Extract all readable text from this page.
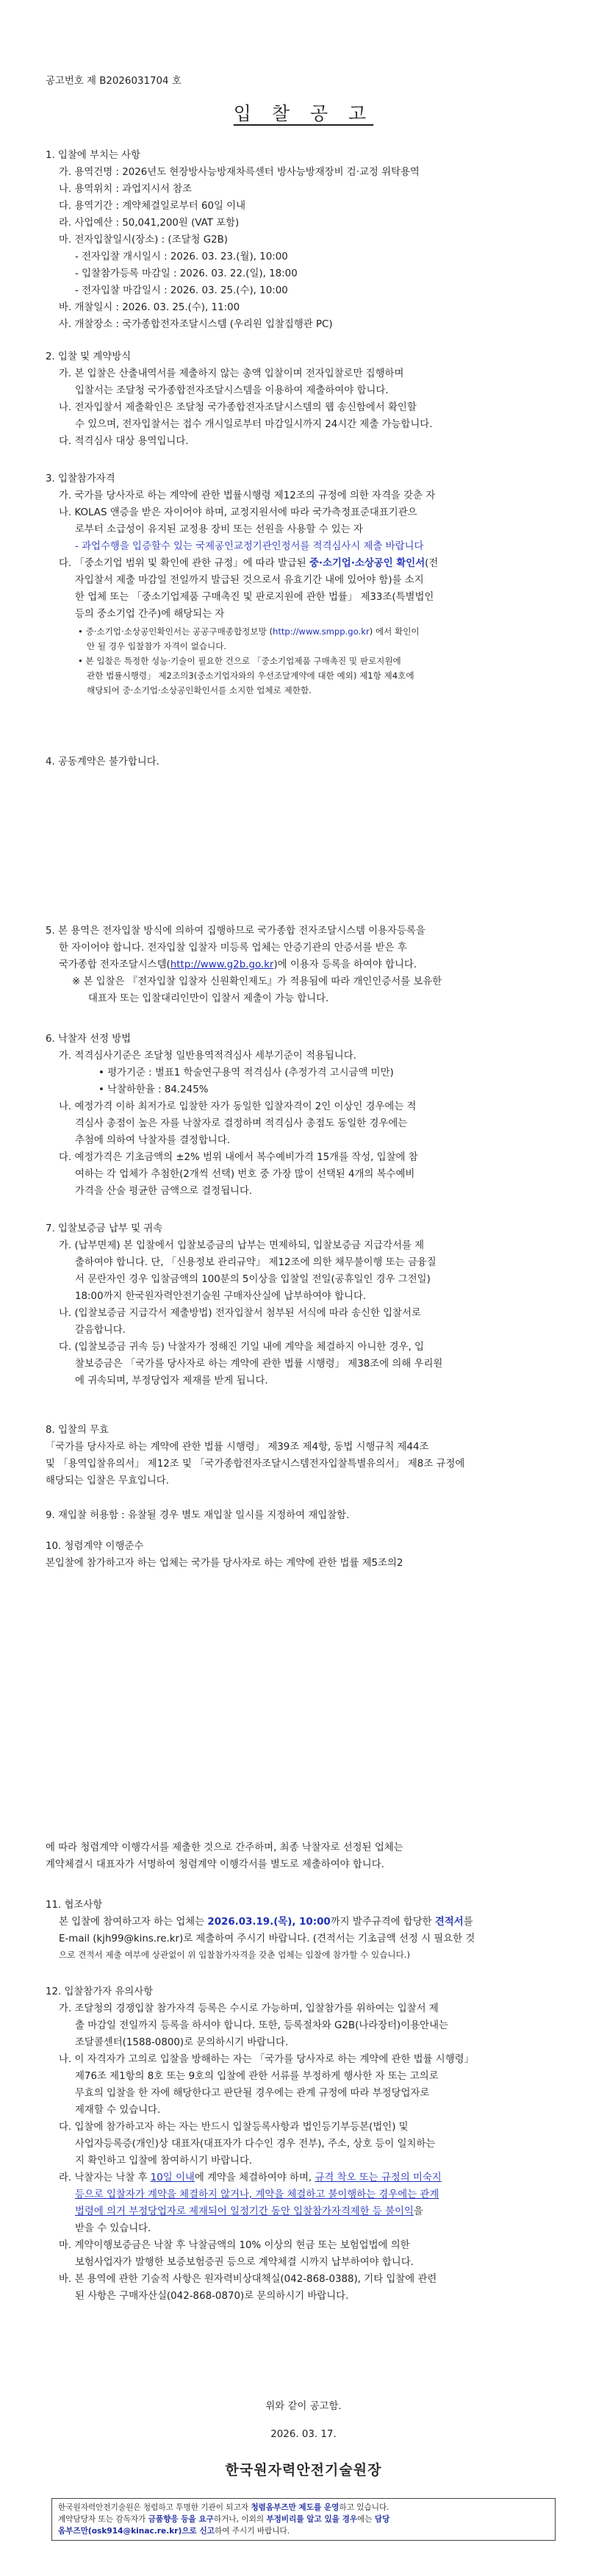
공고번호 제 B2026031704 호
입 찰 공 고
1. 입찰에 부치는 사항
가. 용역건명 : 2026년도 현장방사능방재차륵센터 방사능방재장비 검·교정 위탁용역
나. 용역위치 : 과업지시서 참조
다. 용역기간 : 계약체결일로부터 60일 이내
라. 사업예산 : 50,041,200원 (VAT 포함)
마. 전자입찰일시(장소) : (조달청 G2B)
- 전자입찰 개시일시 : 2026. 03. 23.(월), 10:00
- 입찰참가등록 마감일 : 2026. 03. 22.(일), 18:00
- 전자입찰 마감일시 : 2026. 03. 25.(수), 10:00
바. 개찰일시 : 2026. 03. 25.(수), 11:00
사. 개찰장소 : 국가종합전자조달시스템 (우리원 입찰집행관 PC)
2. 입찰 및 계약방식
가. 본 입찰은 산출내역서를 제출하지 않는 총액 입찰이며 전자입찰로만 집행하며
입찰서는 조달청 국가종합전자조달시스템을 이용하여 제출하여야 합니다.
나. 전자입찰서 제출확인은 조달청 국가종합전자조달시스템의 웹 송신함에서 확인할
수 있으며, 전자입찰서는 접수 개시일로부터 마감일시까지 24시간 제출 가능합니다.
다. 적격심사 대상 용역입니다.
3. 입찰참가자격
가. 국가를 당사자로 하는 계약에 관한 법률시행령 제12조의 규정에 의한 자격을 갖춘 자
나. KOLAS 앤증을 받은 자이어야 하며, 교정지원서에 따라 국가측정표준대표기관으
로부터 소급성이 유지된 교정용 장비 또는 선원을 사용할 수 있는 자
- 과업수행을 입증할수 있는 국제공인교정기관인정서를 적격심사시 제출 바랍니다
다. 「중소기업 범위 및 확인에 관한 규정」에 따라 발급된 중·소기업·소상공인 확인서(전
자입찰서 제출 마감일 전일까지 발급된 것으로서 유효기간 내에 있어야 함)를 소지
한 업체 또는 「중소기업제품 구매촉진 및 판로지원에 관한 법률」 제33조(특별법인
등의 중소기업 간주)에 해당되는 자
• 중·소기업·소상공인확인서는 공공구매종합정보망 (http://www.smpp.go.kr) 에서 확인이
안 될 경우 입찰참가 자격이 없습니다.
• 본 입찰은 특정한 성능·기술이 필요한 건으로 「중소기업제품 구매촉진 및 판로지원에
관한 법률시행령」 제2조의3(중소기업자와의 우선조달계약에 대한 예외) 제1항 제4호에
해당되어 중·소기업·소상공인확인서를 소지한 업체로 제한함.
4. 공동계약은 불가합니다.
5. 본 용역은 전자입찰 방식에 의하여 집행하므로 국가종합 전자조달시스템 이용자등록을
한 자이어야 합니다. 전자입찰 입찰자 미등록 업체는 안증기관의 안증서를 받은 후
국가종합 전자조달시스템(http://www.g2b.go.kr)에 이용자 등록을 하여야 합니다.
※ 본 입찰은 『전자입찰 입찰자 신원확인제도』가 적용됨에 따라 개인인증서를 보유한
대표자 또는 입찰대리인만이 입찰서 제출이 가능 합니다.
6. 낙찰자 선정 방법
가. 적격심사기준은 조달청 일반용역적격심사 세부기준이 적용됩니다.
• 평가기준 : 별표1 학술연구용역 적격심사 (추정가격 고시금액 미만)
• 낙찰하한율 : 84.245%
나. 예정가격 이하 최저가로 입찰한 자가 동일한 입찰자격이 2인 이상인 경우에는 적
격심사 총점이 높은 자를 낙찰자로 결정하며 적격심사 총점도 동일한 경우에는
추첨에 의하여 낙찰자를 결정합니다.
다. 예정가격은 기초금액의 ±2% 범위 내에서 복수예비가격 15개를 작성, 입찰에 참
여하는 각 업체가 추첨한(2개씩 선택) 번호 중 가장 많이 선택된 4개의 복수예비
가격을 산술 평균한 금액으로 결정됩니다.
7. 입찰보증금 납부 및 귀속
가. (납부면제) 본 입찰에서 입찰보증금의 납부는 면제하되, 입찰보증금 지급각서를 제
출하여야 합니다. 단, 「신용정보 관리규약」 제12조에 의한 채무불이행 또는 금융질
서 문란자인 경우 입찰금액의 100분의 5이상을 입찰일 전일(공휴일인 경우 그전일)
18:00까지 한국원자력안전기술원 구매자산실에 납부하여야 합니다.
나. (입찰보증금 지급각서 제출방법) 전자입찰서 첨부된 서식에 따라 송신한 입찰서로
갈음합니다.
다. (입찰보증금 귀속 등) 낙찰자가 정해진 기일 내에 계약을 체결하지 아니한 경우, 입
찰보증금은 「국가를 당사자로 하는 계약에 관한 법률 시행령」 제38조에 의해 우리원
에 귀속되며, 부정당업자 제재를 받게 됩니다.
8. 입찰의 무효
「국가를 당사자로 하는 계약에 관한 법률 시행령」 제39조 제4항, 동법 시행규칙 제44조
및 「용역입찰유의서」 제12조 및 「국가종합전자조달시스템전자입찰특별유의서」 제8조 규정에
해당되는 입찰은 무효입니다.
9. 재입찰 허용함 : 유찰될 경우 별도 재입찰 일시를 지정하여 재입찰함.
10. 청렴계약 이행준수
본입찰에 참가하고자 하는 업체는 국가를 당사자로 하는 계약에 관한 법률 제5조의2
에 따라 청렴계약 이행각서를 제출한 것으로 간주하며, 최종 낙찰자로 선정된 업체는
계약체결시 대표자가 서명하여 청렴계약 이행각서를 별도로 제출하여야 합니다.
11. 협조사항
본 입찰에 참여하고자 하는 업체는 2026.03.19.(목), 10:00까지 발주규격에 합당한 견적서를
E-mail (kjh99@kins.re.kr)로 제출하여 주시기 바랍니다. (견적서는 기초금액 선정 시 필요한 것
으로 견적서 제출 여부에 상관없이 위 입찰참가자격을 갖춘 업체는 입찰에 참가할 수 있습니다.)
12. 입찰참가자 유의사항
가. 조달청의 경쟁입찰 참가자격 등록은 수시로 가능하며, 입찰참가를 위하여는 입찰서 제
출 마감일 전일까지 등록을 하셔야 합니다. 또한, 등록절차와 G2B(나라장터)이용안내는
조달콜센터(1588-0800)로 문의하시기 바랍니다.
나. 이 자격자가 고의로 입찰을 방해하는 자는 「국가를 당사자로 하는 계약에 관한 법률 시행령」
제76조 제1항의 8호 또는 9호의 입찰에 관한 서류를 부정하게 행사한 자 또는 고의로
무효의 입찰을 한 자에 해당한다고 판단될 경우에는 관계 규정에 따라 부정당업자로
제재할 수 있습니다.
다. 입찰에 참가하고자 하는 자는 반드시 입찰등록사항과 법인등기부등본(법인) 및
사업자등록증(개인)상 대표자(대표자가 다수인 경우 전부), 주소, 상호 등이 일치하는
지 확인하고 입찰에 참여하시기 바랍니다.
라. 낙찰자는 낙찰 후 10일 이내에 계약을 체결하여야 하며, 규격 착오 또는 규정의 미숙지
등으로 입찰자가 계약을 체결하지 않거나, 계약을 체결하고 불이행하는 경우에는 관계
법령에 의거 부정당업자로 제재되어 일정기간 동안 입찰참가자격제한 등 불이익을
받을 수 있습니다.
마. 계약이행보증금은 낙찰 후 낙찰금액의 10% 이상의 현금 또는 보험업법에 의한
보험사업자가 발행한 보증보험증권 등으로 계약체결 시까지 납부하여야 합니다.
바. 본 용역에 관한 기술적 사항은 원자력비상대책실(042-868-0388), 기타 입찰에 관련
된 사항은 구매자산실(042-868-0870)로 문의하시기 바랍니다.
위와 같이 공고함.
2026. 03. 17.
한국원자력안전기술원장
한국원자력안전기술원은 청렴하고 투명한 기관이 되고자 청렴옴부즈만 제도를 운영하고 있습니다.
계약담당자 또는 감독자가 금품향응 등을 요구하거나, 이외의 부정비리를 알고 있을 경우에는 담당
옴부즈만(osk914@kinac.re.kr)으로 신고하여 주시기 바랍니다.
